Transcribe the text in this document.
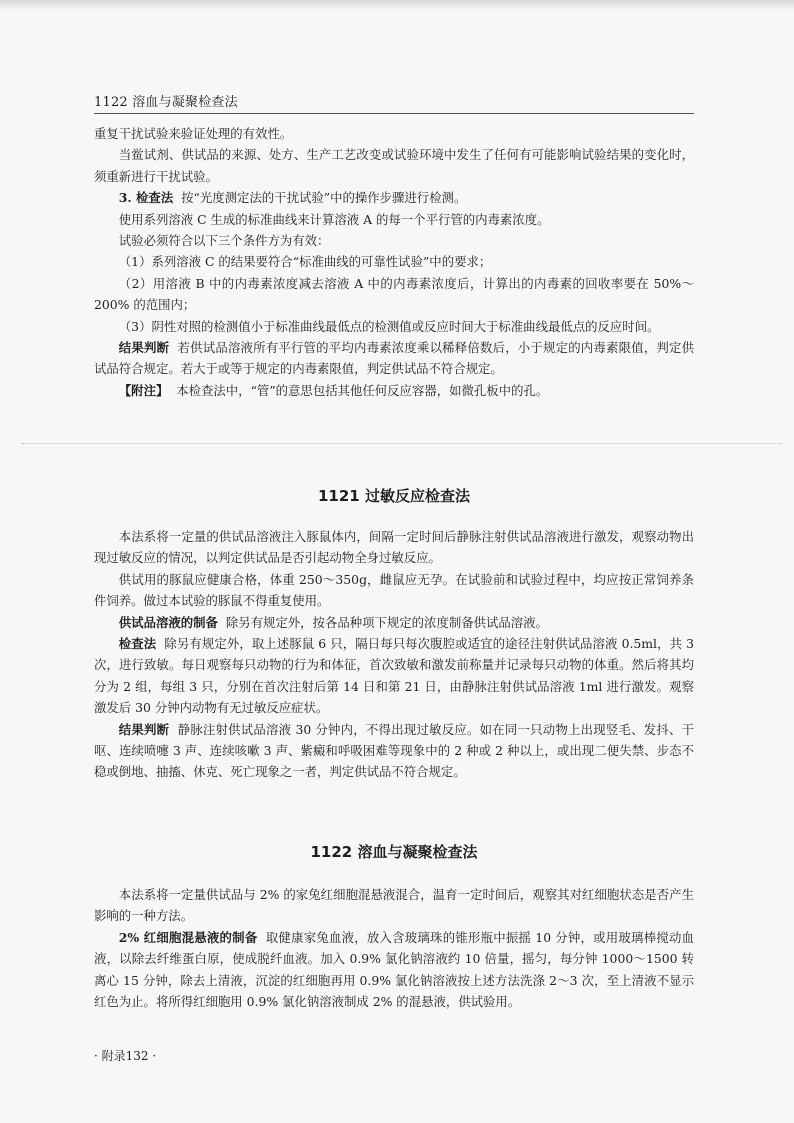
1122 溶血与凝聚检查法

重复干扰试验来验证处理的有效性。

当鲎试剂、供试品的来源、处方、生产工艺改变或试验环境中发生了任何有可能影响试验结果的变化时，须重新进行干扰试验。

3. 检查法 按“光度测定法的干扰试验”中的操作步骤进行检测。

使用系列溶液 C 生成的标准曲线来计算溶液 A 的每一个平行管的内毒素浓度。

试验必须符合以下三个条件方为有效：

（1）系列溶液 C 的结果要符合“标准曲线的可靠性试验”中的要求；

（2）用溶液 B 中的内毒素浓度减去溶液 A 中的内毒素浓度后，计算出的内毒素的回收率要在 50%～200% 的范围内；

（3）阴性对照的检测值小于标准曲线最低点的检测值或反应时间大于标准曲线最低点的反应时间。

结果判断 若供试品溶液所有平行管的平均内毒素浓度乘以稀释倍数后，小于规定的内毒素限值，判定供试品符合规定。若大于或等于规定的内毒素限值，判定供试品不符合规定。

【附注】 本检查法中，“管”的意思包括其他任何反应容器，如微孔板中的孔。

1121 过敏反应检查法

本法系将一定量的供试品溶液注入豚鼠体内，间隔一定时间后静脉注射供试品溶液进行激发，观察动物出现过敏反应的情况，以判定供试品是否引起动物全身过敏反应。

供试用的豚鼠应健康合格，体重 250～350g，雌鼠应无孕。在试验前和试验过程中，均应按正常饲养条件饲养。做过本试验的豚鼠不得重复使用。

供试品溶液的制备 除另有规定外，按各品种项下规定的浓度制备供试品溶液。

检查法 除另有规定外，取上述豚鼠 6 只，隔日每只每次腹腔或适宜的途径注射供试品溶液 0.5ml，共 3 次，进行致敏。每日观察每只动物的行为和体征，首次致敏和激发前称量并记录每只动物的体重。然后将其均分为 2 组，每组 3 只，分别在首次注射后第 14 日和第 21 日，由静脉注射供试品溶液 1ml 进行激发。观察激发后 30 分钟内动物有无过敏反应症状。

结果判断 静脉注射供试品溶液 30 分钟内，不得出现过敏反应。如在同一只动物上出现竖毛、发抖、干呕、连续喷嚏 3 声、连续咳嗽 3 声、紫癜和呼吸困难等现象中的 2 种或 2 种以上，或出现二便失禁、步态不稳或倒地、抽搐、休克、死亡现象之一者，判定供试品不符合规定。

1122 溶血与凝聚检查法

本法系将一定量供试品与 2% 的家兔红细胞混悬液混合，温育一定时间后，观察其对红细胞状态是否产生影响的一种方法。

2% 红细胞混悬液的制备 取健康家兔血液，放入含玻璃珠的锥形瓶中振摇 10 分钟，或用玻璃棒搅动血液，以除去纤维蛋白原，使成脱纤血液。加入 0.9% 氯化钠溶液约 10 倍量，摇匀，每分钟 1000～1500 转离心 15 分钟，除去上清液，沉淀的红细胞再用 0.9% 氯化钠溶液按上述方法洗涤 2～3 次，至上清液不显示红色为止。将所得红细胞用 0.9% 氯化钠溶液制成 2% 的混悬液，供试验用。

· 附录132 ·
